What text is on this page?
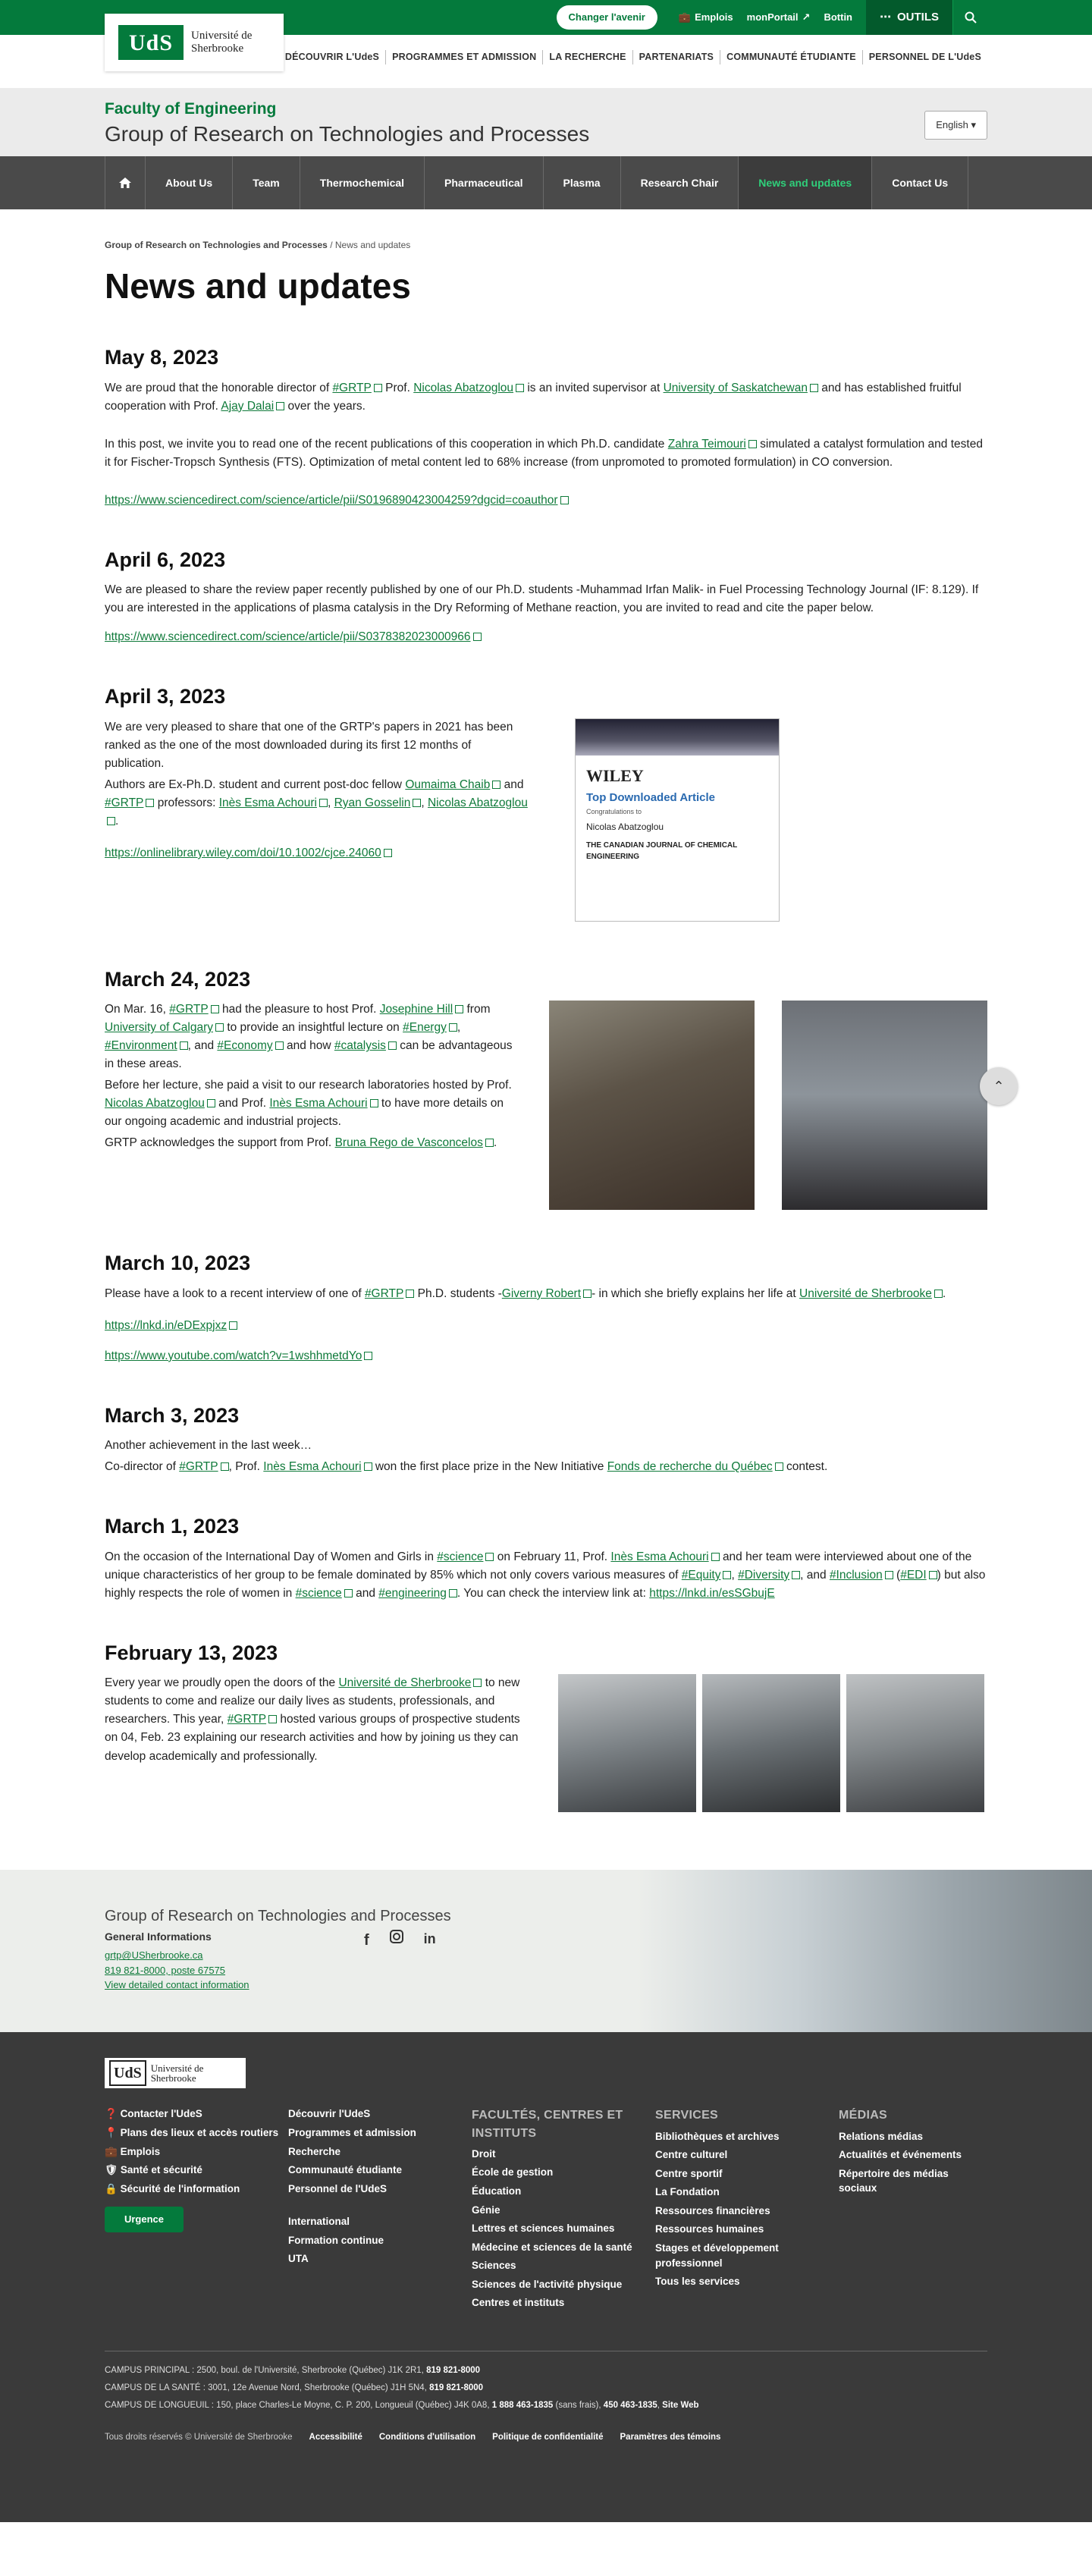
Changer l'avenir	💼 Emplois monPortail ↗ Bottin ⋯ OUTILS
UdS	Université de
Sherbrooke
DÉCOUVRIR L'UdeS	PROGRAMMES ET ADMISSION	LA RECHERCHE	PARTENARIATS	COMMUNAUTÉ ÉTUDIANTE	PERSONNEL DE L'UdeS
Faculty of Engineering
Group of Research on Technologies and Processes	English ▾
About Us	Team	Thermochemical	Pharmaceutical	Plasma	Research Chair	News and updates	Contact Us
⌃
Group of Research on Technologies and Processes / News and updates
News and updates
May 8, 2023

We are proud that the honorable director of #GRTP Prof. Nicolas Abatzoglou is an invited supervisor at University of Saskatchewan and has established fruitful cooperation with Prof. Ajay Dalai over the years.

In this post, we invite you to read one of the recent publications of this cooperation in which Ph.D. candidate Zahra Teimouri simulated a catalyst formulation and tested it for Fischer-Tropsch Synthesis (FTS). Optimization of metal content led to 68% increase (from unpromoted to promoted formulation) in CO conversion.

https://www.sciencedirect.com/science/article/pii/S0196890423004259?dgcid=coauthor

April 6, 2023

We are pleased to share the review paper recently published by one of our Ph.D. students -Muhammad Irfan Malik- in Fuel Processing Technology Journal (IF: 8.129). If you are interested in the applications of plasma catalysis in the Dry Reforming of Methane reaction, you are invited to read and cite the paper below.

https://www.sciencedirect.com/science/article/pii/S0378382023000966

April 3, 2023

We are very pleased to share that one of the GRTP's papers in 2021 has been ranked as the one of the most downloaded during its first 12 months of publication.

Authors are Ex-Ph.D. student and current post-doc fellow Oumaima Chaib and #GRTP professors: Inès Esma Achouri , Ryan Gosselin , Nicolas Abatzoglou.

https://onlinelibrary.wiley.com/doi/10.1002/cjce.24060

WILEY
Top Downloaded Article
Congratulations to
Nicolas Abatzoglou
THE CANADIAN JOURNAL OF CHEMICAL ENGINEERING
March 24, 2023

On Mar. 16, #GRTP had the pleasure to host Prof. Josephine Hill from University of Calgary to provide an insightful lecture on #Energy , #Environment , and #Economy and how #catalysis can be advantageous in these areas.

Before her lecture, she paid a visit to our research laboratories hosted by Prof. Nicolas Abatzoglou and Prof. Inès Esma Achouri to have more details on our ongoing academic and industrial projects.

GRTP acknowledges the support from Prof. Bruna Rego de Vasconcelos .

March 10, 2023

Please have a look to a recent interview of one of #GRTP Ph.D. students -Giverny Robert - in which she briefly explains her life at Université de Sherbrooke .

https://lnkd.in/eDExpjxz

https://www.youtube.com/watch?v=1wshhmetdYo

March 3, 2023

Another achievement in the last week…

Co-director of #GRTP , Prof. Inès Esma Achouri won the first place prize in the New Initiative Fonds de recherche du Québec contest.

March 1, 2023

On the occasion of the International Day of Women and Girls in #science on February 11, Prof. Inès Esma Achouri and her team were interviewed about one of the unique characteristics of her group to be female dominated by 85% which not only covers various measures of #Equity , #Diversity , and #Inclusion (#EDI ) but also highly respects the role of women in #science and #engineering . You can check the interview link at: https://lnkd.in/esSGbujE

February 13, 2023

Every year we proudly open the doors of the Université de Sherbrooke to new students to come and realize our daily lives as students, professionals, and researchers. This year, #GRTP hosted various groups of prospective students on 04, Feb. 23 explaining our research activities and how by joining us they can develop academically and professionally.

Group of Research on Technologies and Processes
General Informations
grtp@USherbrooke.ca
819 821-8000, poste 67575
View detailed contact information
f	in
UdS Université de
Sherbrooke
❓ Contacter l'UdeS
📍 Plans des lieux et accès routiers
💼 Emplois
🛡 Santé et sécurité
🔒 Sécurité de l'information
Urgence
Découvrir l'UdeS
Programmes et admission
Recherche
Communauté étudiante
Personnel de l'UdeS
International
Formation continue
UTA
FACULTÉS, CENTRES ET INSTITUTS
Droit
École de gestion
Éducation
Génie
Lettres et sciences humaines
Médecine et sciences de la santé
Sciences
Sciences de l'activité physique
Centres et instituts
SERVICES
Bibliothèques et archives
Centre culturel
Centre sportif
La Fondation
Ressources financières
Ressources humaines
Stages et développement professionnel
Tous les services
MÉDIAS
Relations médias
Actualités et événements
Répertoire des médias sociaux
CAMPUS PRINCIPAL : 2500, boul. de l'Université, Sherbrooke (Québec) J1K 2R1, 819 821-8000
CAMPUS DE LA SANTÉ : 3001, 12e Avenue Nord, Sherbrooke (Québec) J1H 5N4, 819 821-8000
CAMPUS DE LONGUEUIL : 150, place Charles-Le Moyne, C. P. 200, Longueuil (Québec) J4K 0A8, 1 888 463-1835 (sans frais), 450 463-1835, Site Web
Tous droits réservés © Université de Sherbrooke Accessibilité Conditions d'utilisation Politique de confidentialité Paramètres des témoins
